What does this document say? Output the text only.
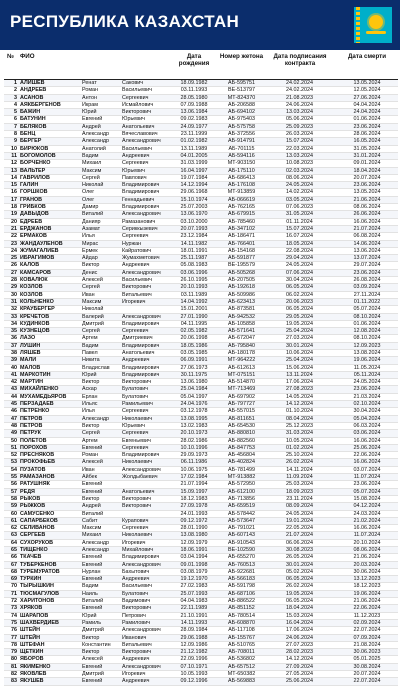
РЕСПУБЛИКА КАЗАХСТАН
№ ФИО	Дата рождения
Номер жетона	Дата подписания контракта
Дата смерти
1 АЛИШЕВ	Ренат	Сакович	18.09.1982	АБ-595751	24.02.2024	13.05.2024
2 АНДРЕЕВ	Роман	Васильевич	03.11.1993	ВЕ-513797	24.02.2024	12.05.2024
3 АСАНОВ	Антон	Сергеевич	28.05.1980	МТ-824370	21.08.2023	27.06.2024
4 АЯКБЕРГЕНОВ	Икрам	Исмайлович	07.09.1988	АБ-206588	24.06.2024	04.04.2024
5 БАЖИН	Юрий	Викторович	13.06.1984	АБ-694102	13.03.2024	24.04.2024
6 БАТУНИН	Евгений	Юрьевич	09.02.1983	АБ-975403	05.06.2024	01.06.2024
7 БЕЛЯКОВ	Андрей	Анатольевич	24.09.1977	АБ-575758	25.09.2023	23.06.2024
8 БЕНЦ	Александр	Вячеславович	23.11.1999	АБ-372556	26.03.2024	28.06.2024
9 БЕРГЕР	Александр	Александрович	01.02.1982	АБ-914791	15.07.2024	16.05.2024
10 БИРЮКОВ	Анатолий	Васильевич	13.11.1989	АБ-701115	22.03.2024	31.05.2024
11 БОГОМОЛОВ	Вадим	Андреевич	04.01.2005	АБ-594116	13.03.2024	31.01.2024
12 БОРЧЕНКО	Михаил	Сергеевич	31.03.1999	МТ-903150	10.08.2023	09.01.2024
13 ВАЛЬТЕР	Максим	Юрьевич	16.04.1997	АБ-175110	02.03.2024	18.04.2024
14 ГАВРИЛОВ	Сергей	Павлович	19.07.1984	АБ-686413	08.06.2024	20.07.2024
15 ГАЛИН	Николай	Владимирович	14.12.1994	АБ-176108	24.05.2024	23.06.2024
16 ГОРШКОВ	Олег	Владимирович	29.06.1968	МТ-913859	14.02.2024	13.05.2024
17 ГРАНОВ	Олег	Геннадьевич	15.10.1974	АБ-066619	03.05.2024	21.06.2024
18 ГРИБКОВ	Дамир	Владимирович	25.07.2003	АБ-762165	07.06.2023	08.06.2024
19 ДАВЫДОВ	Виталий	Александрович	13.06.1970	АБ-679915	31.05.2024	26.06.2024
20 ЕДРЕЕВ	Данияр	Рамазанович	03.10.2000	АБ-785460	01.11.2024	16.06.2024
21 ЕРДЖАНОВ	Азамат	Сериккызевич	20.07.1993	АБ-347102	15.07.2024	21.07.2024
22 ЕРМАКОВ	Илья	Сергеевич	23.12.1984	АБ-186471	16.07.2024	06.08.2024
23 ЖАНДАУЛЕНОВ	Мирас	Нуржан	14.11.1982	АБ-766401	18.05.2024	14.06.2024
24 ЖУМАГАЛИЕВ	Ермек	Кайратович	18.01.1991	АБ-154168	22.08.2024	13.06.2024
25 ИБРАГИМОВ	Айдар	Жумахметович	25.11.1987	АБ-591877	29.04.2024	13.07.2024
26 КАЛОВ	Виктор	Андреевич	05.08.1983	ВЕ-195579	24.05.2024	29.07.2024
27 КАМСАРОВ	Денис	Александрович	03.06.1996	АБ-505268	07.06.2024	23.06.2024
28 КОВАЛЮК	Алексей	Васильевич	26.10.1995	АБ-207505	30.04.2024	26.08.2024
29 КОЗЛОВ	Сергей	Викторович	20.10.1993	АБ-192618	06.05.2024	03.09.2024
30 КОЗЛОВ	Иван	Витальевич	03.11.1989	АБ-509986	06.02.2024	27.11.2024
31 КОЛЬНЕНКО	Максим	Игоревич	14.04.1992	АБ-623413	20.06.2023	01.11.2022
32 КРАУБЕРГЕР	Николай	15.01.2001	АБ-873581	06.05.2024	05.07.2024
33 КРЕЧЕТОВ	Валерий	Александрович	27.01.1990	АБ-942532	29.05.2024	08.10.2024
34 КУДИНКОВ	Дмитрий	Владимирович	04.11.1995	АБ-105858	19.05.2024	01.06.2024
35 КУЗНЕЦОВ	Сергей	Сергеевич	02.05.1982	АБ-571641	25.04.2024	12.08.2024
36 ЛАЗО	Артем	Дмитриевич	20.06.1998	АБ-672047	27.03.2024	08.10.2024
37 ЛУШИН	Вадим	Владимирович	18.05.1986	АБ-795840	30.01.2024	12.09.2023
38 ЛЯШЕВ	Павел	Анатольевич	03.05.1985	АБ-180178	10.06.2024	13.08.2024
39 МАЛИ	Никита	Андреевич	06.09.1991	МТ-964222	25.04.2024	19.06.2024
40 МАЛОВ	Владислав	Владимирович	27.06.1973	АБ-612613	15.06.2024	11.05.2024
41 МАРКОТИН	Юрий	Владимирович	30.11.1975	МТ-075151	13.11.2024	05.11.2024
42 МАРТИН	Виктор	Викторович	13.06.1980	АБ-514870	17.06.2024	24.05.2024
43 МИХАЙЛЕНКО	Аскар	Булатович	25.04.1984	МТ-713469	27.08.2023	23.06.2024
44 МУХАМЕДЬЯРОВ	Ерлан	Булатович	05.04.1997	АБ-697902	14.05.2024	21.03.2024
45 ПЕРЗАДАЕВ	Ильяс	Рамильевич	24.04.1976	АБ-797727	14.12.2024	02.10.2024
46 ПЕТРЕНКО	Илья	Сергеевич	03.12.1978	АБ-557015	01.10.2024	30.04.2024
47 ПЕТРОВ	Александр	Николаевич	13.08.1995	АБ-811651	08.04.2024	05.04.2024
48 ПЕТРОВ	Виктор	Юрьевич	13.02.1983	АБ-654530	25.12.2023	06.03.2024
49 ПЕТРУК	Сергей	Сергеевич	20.10.1973	АБ-880810	31.03.2024	03.06.2024
50 ПОЛЕТОВ	Артем	Евгеньевич	28.02.1986	АБ-882560	10.05.2024	16.06.2024
51 ПОРОХОВ	Евгений	Сергеевич	10.10.1996	АБ-847753	01.02.2024	25.06.2024
52 ПРЕСНЯКОВ	Роман	Владимирович	29.09.1973	АБ-456804	25.10.2024	22.06.2024
53 ПРОКОФЬЕВ	Алексей	Николаевич	06.11.1986	АБ-402824	26.02.2024	16.06.2024
54 ПУЗАТОВ	Иван	Александрович	10.06.1975	АБ-781499	14.11.2024	03.07.2024
55 РАМАЗАНОВ	Айбек	Жолдыбаевич	17.02.1984	МТ-913882	11.09.2024	11.07.2024
56 РАТУШНЯК	Евгений	21.07.1994	АБ-572950	25.03.2024	23.06.2024
57 РЕДЯ	Евгений	Анатольевич	15.09.1997	АБ-612100	18.09.2023	05.07.2024
58 РЫКОВ	Виктор	Викторович	18.12.1983	АБ-713856	23.11.2024	15.08.2024
59 РЫЖКОВ	Андрей	Викторович	27.09.1978	АБ-659519	08.09.2024	04.12.2024
60 САМУСЕНКО	Виталий	24.01.1993	АБ-578442	24.05.2024	24.03.2024
61 САПАРБЕКОВ	Сабит	Курапович	09.12.1972	АБ-573647	19.01.2024	21.02.2024
62 СЕЛИВАНОВ	Максим	Сергеевич	28.01.1990	АБ-791021	22.05.2024	16.06.2024
63 СЕРГЕЕВ	Михаил	Николаевич	13.08.1980	АБ-607143	21.07.2024	11.07.2024
64 СУХОРУКОВ	Александр	Игоревич	12.09.1979	АБ-910543	06.06.2024	20.10.2024
65 ТИЩЕНКО	Александр	Михайлович	18.06.1991	ВЕ-102590	30.08.2023	08.06.2024
66 ТКАЧЕВ	Евгений	Владимирович	03.04.1994	АБ-655270	26.05.2024	21.06.2024
67 ТУБЕРКЕНОВ	Евгений	Александрович	09.01.1998	АБ-760513	30.01.2024	20.03.2024
68 ТУРЕМУРАТОВ	Нурлан	Бахытович	03.08.1979	АБ-922681	05.02.2024	30.06.2024
69 ТУРКИН	Евгений	Андреевич	19.12.1970	АБ-566183	06.05.2024	13.12.2023
70 ТЫРЫШКИН	Вадим	Васильевич	27.02.1983	АБ-591798	26.02.2024	18.12.2023
71 ТЮСМАГУЛОВ	Наиль	Булатович	25.07.1993	АБ-687106	19.05.2024	19.06.2024
72 ХАРИТОНОВ	Виталий	Вадимович	04.04.1983	АБ-886522	06.05.2024	21.06.2024
73 ХРЯКОВ	Евгений	Викторович	22.11.1989	АБ-851152	18.04.2024	22.06.2024
74 ШАРАПОВ	Юрий	Петрович	21.10.1991	АБ-780514	15.03.2024	11.12.2023
75 ШАХВЕРДИЕВ	Рамиль	Рамилович	14.11.1993	АБ-608870	16.04.2024	02.09.2024
76 ШТЕЙН	Дмитрий	Александрович	28.09.1984	АБ-117108	17.06.2024	22.07.2024
77 ШТЕЙН	Виктор	Иванович	29.06.1988	АБ-155767	24.06.2024	07.09.2024
78 ШТЕФАН	Константин	Витальевич	12.09.1986	АБ-510765	27.07.2023	21.08.2024
79 ЩЕТКИН	Виктор	Викторович	21.12.1982	АБ-708011	28.02.2023	30.06.2023
80 ЯБОРОВ	Алексей	Андреевич	22.09.1996	АБ-536802	14.12.2024	05.01.2025
81 ЯКИМЕНКО	Евгений	Александрович	07.10.1971	АБ-657512	27.09.2024	30.08.2024
82 ЯКОВЛЕВ	Дмитрий	Игоревич	10.05.1993	МТ-650382	27.05.2024	20.07.2024
83 ЯКУШЕВ	Евгений	Андреевич	09.12.1996	АБ-569883	25.06.2024	22.07.2024
